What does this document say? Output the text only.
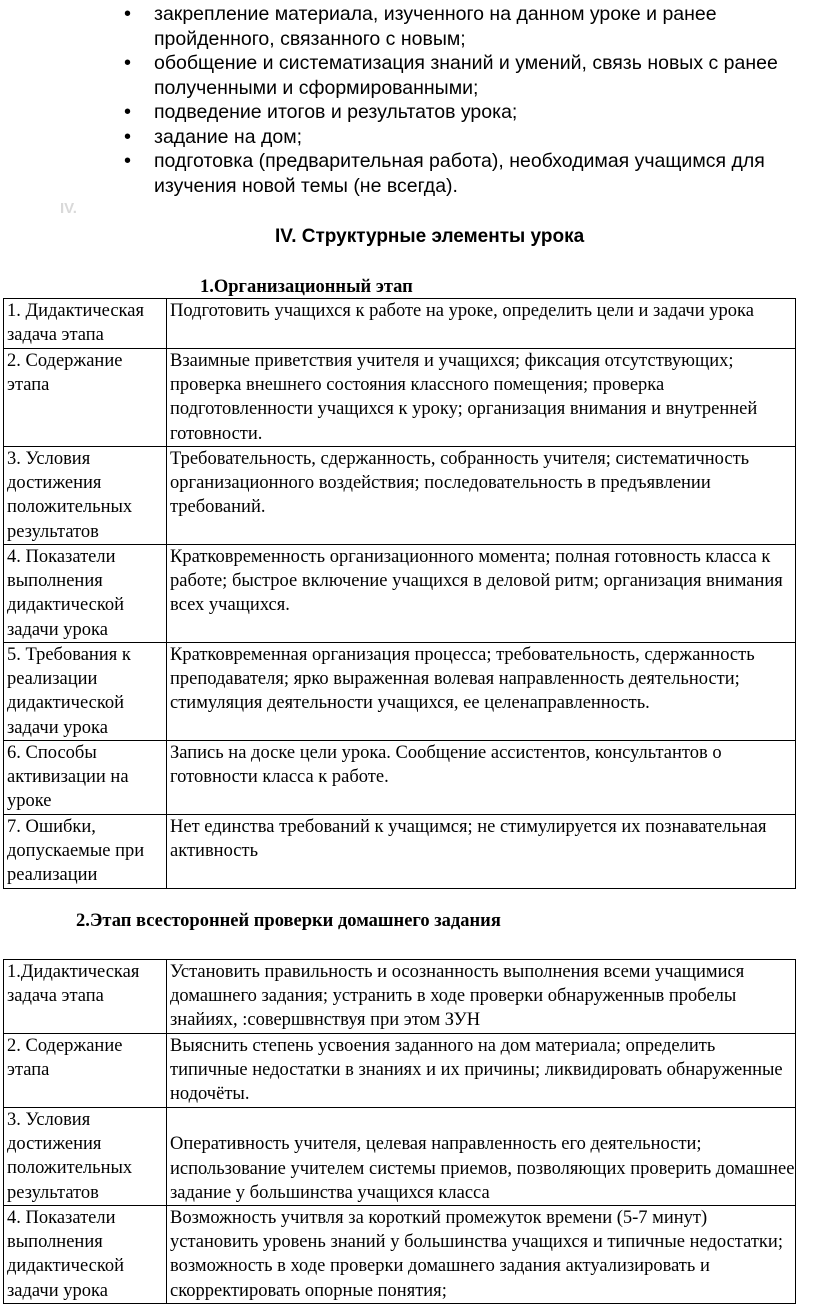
• закрепление материала, изученного на данном уроке и ранее пройденного, связанного с новым;
• обобщение и систематизация знаний и умений, связь новых с ранее полученными и сформированными;
• подведение итогов и результатов урока;
• задание на дом;
• подготовка (предварительная работа), необходимая учащимся для изучения новой темы (не всегда).
IV.
IV. Структурные элементы урока
1.Организационный этап
1. Дидактическая задача этапа	Подготовить учащихся к работе на уроке, определить цели и задачи урока
2. Содержание этапа	Взаимные приветствия учителя и учащихся; фиксация отсутствующих; проверка внешнего состояния классного помещения; проверка подготовленности учащихся к уроку; организация внимания и внутренней готовности.
3. Условия достижения положительных результатов	Требовательность, сдержанность, собранность учителя; систематичность организационного воздействия; последовательность в предъявлении требований.
4. Показатели выполнения дидактической задачи урока	Кратковременность организационного момента; полная готовность класса к работе; быстрое включение учащихся в деловой ритм; организация внимания всех учащихся.
5. Требования к реализации дидактической задачи урока	Кратковременная организация процесса; требовательность, сдержанность преподавателя; ярко выраженная волевая направленность деятельности; стимуляция деятельности учащихся, ее целенаправленность.
6. Способы активизации на уроке	Запись на доске цели урока. Сообщение ассистентов, консультантов о готовности класса к работе.
7. Ошибки, допускаемые при реализации	Нет единства требований к учащимся; не стимулируется их познавательная активность
2.Этап всесторонней проверки домашнего задания
1.Дидактическая задача этапа	Установить правильность и осознанность выполнения всеми учащимися домашнего задания; устранить в ходе проверки обнаруженныв пробелы знайиях, :совершвнствуя при этом ЗУН
2. Содержание этапа	Выяснить степень усвоения заданного на дом материала; определить типичные недостатки в знаниях и их причины; ликвидировать обнаруженные нодочёты.
3. Условия достижения положительных результатов	Оперативность учителя, целевая направленность его деятельности; использование учителем системы приемов, позволяющих проверить домашнее задание у большинства учащихся класса
4. Показатели выполнения дидактической задачи урока	Возможность учитвля за короткий промежуток времени (5-7 минут) установить уровень знаний у большинства учащихся и типичные недостатки; возможность в ходе проверки домашнего задания актуализировать и скорректировать опорные понятия;
